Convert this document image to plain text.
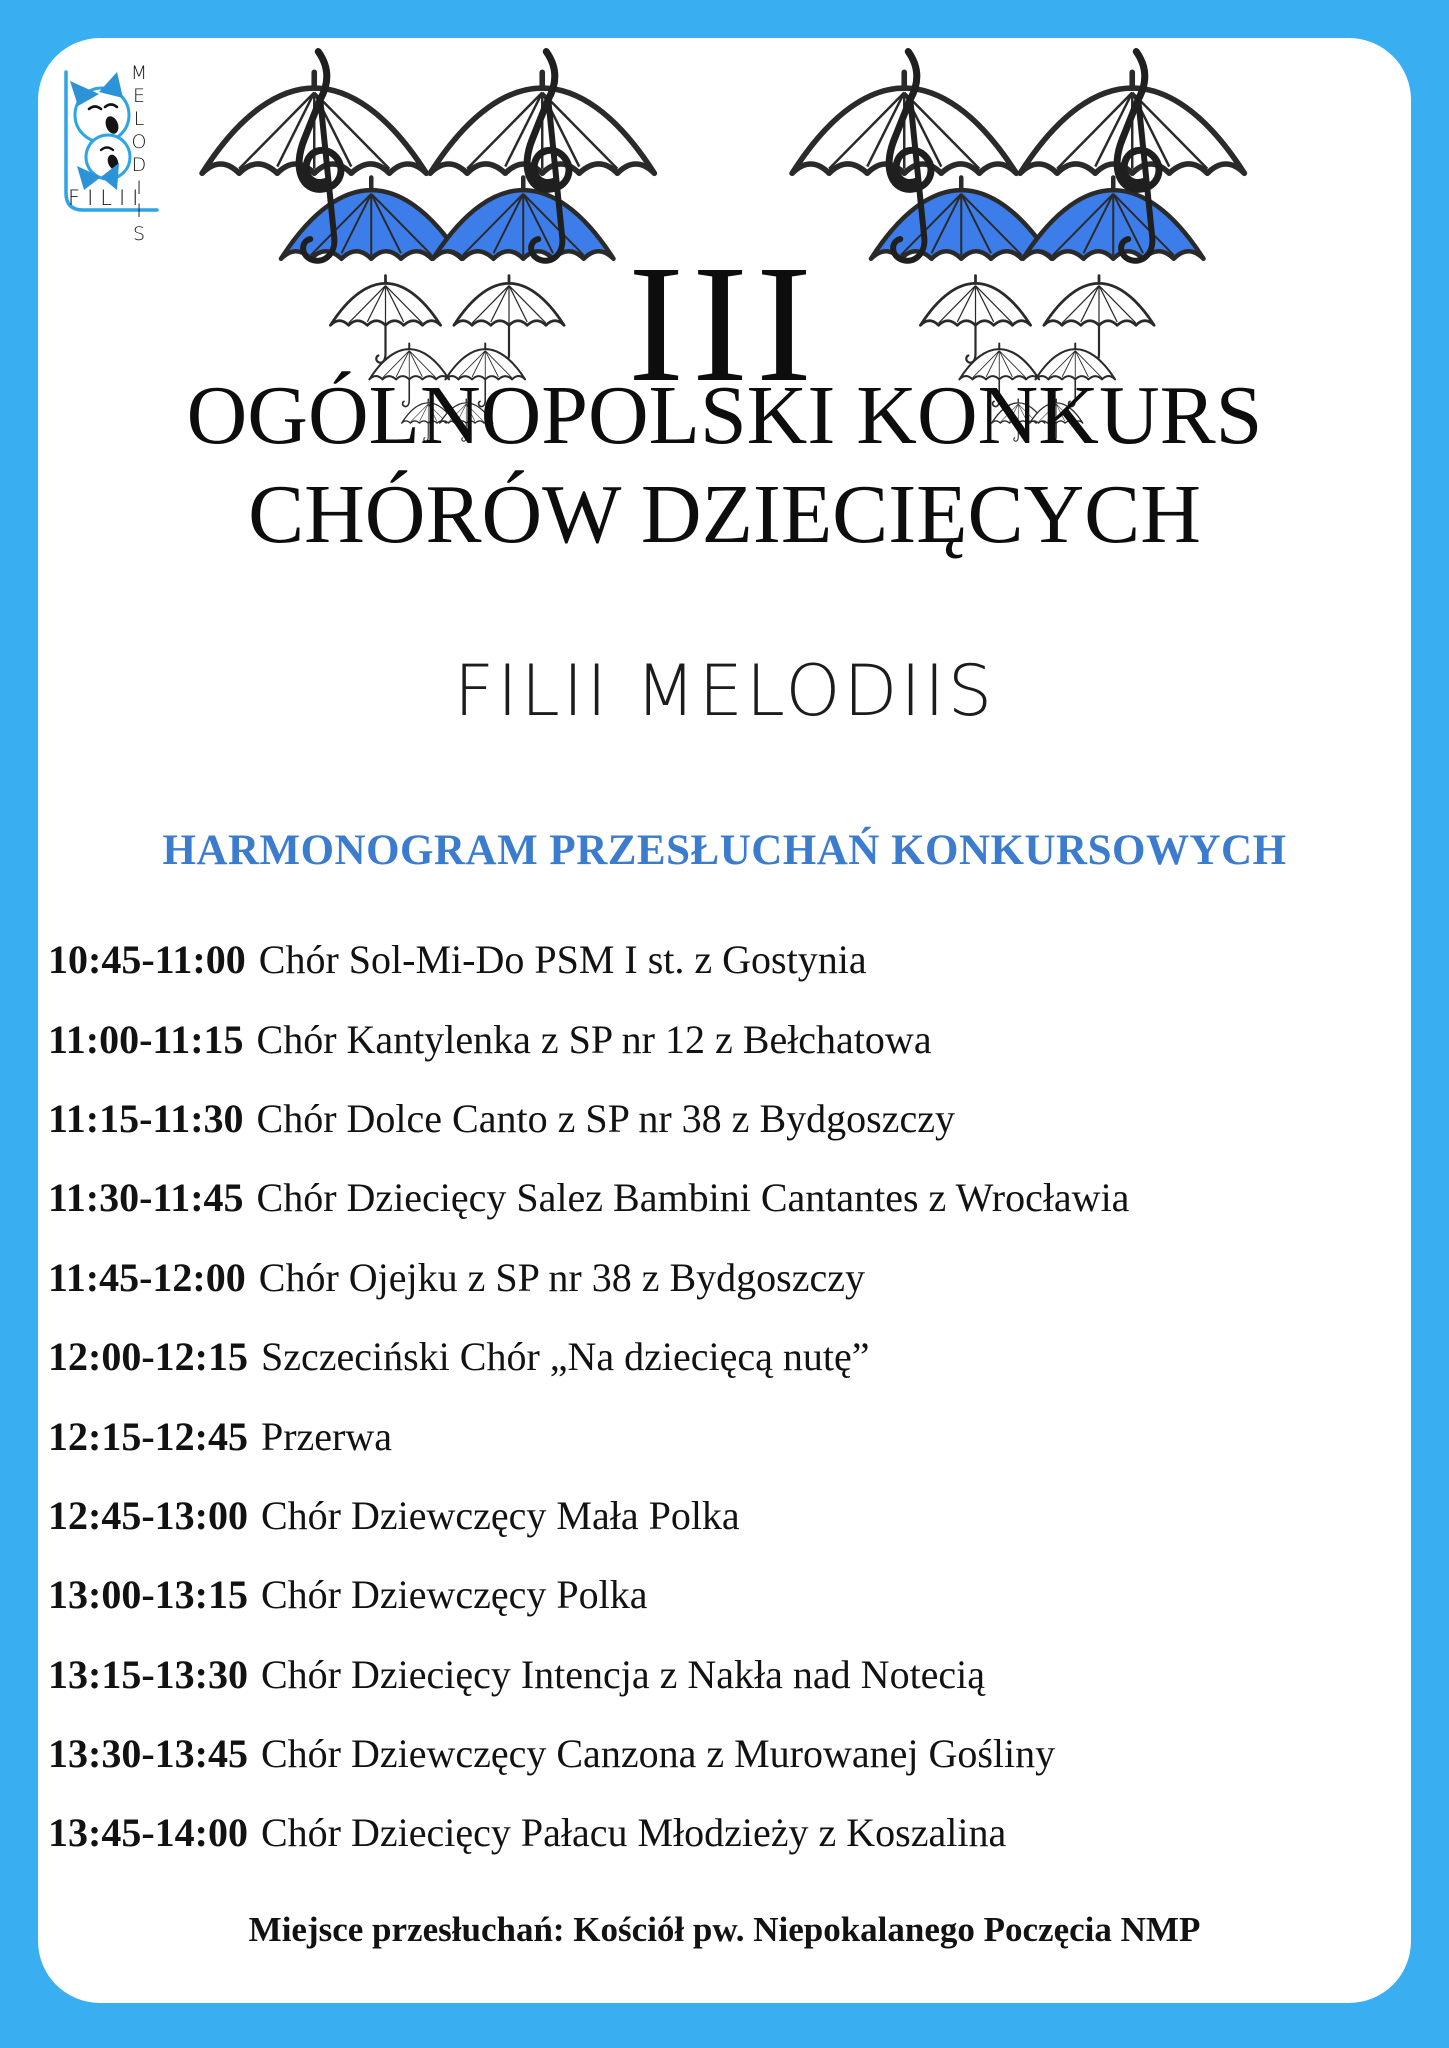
FILII
MELODIIS
III
OGÓLNOPOLSKI KONKURS
CHÓRÓW DZIECIĘCYCH
FILII MELODIIS
HARMONOGRAM PRZESŁUCHAŃ KONKURSOWYCH
10:45-11:00 Chór Sol-Mi-Do PSM I st. z Gostynia
11:00-11:15 Chór Kantylenka z SP nr 12 z Bełchatowa
11:15-11:30 Chór Dolce Canto z SP nr 38 z Bydgoszczy
11:30-11:45 Chór Dziecięcy Salez Bambini Cantantes z Wrocławia
11:45-12:00 Chór Ojejku z SP nr 38 z Bydgoszczy
12:00-12:15 Szczeciński Chór „Na dziecięcą nutę”
12:15-12:45 Przerwa
12:45-13:00 Chór Dziewczęcy Mała Polka
13:00-13:15 Chór Dziewczęcy Polka
13:15-13:30 Chór Dziecięcy Intencja z Nakła nad Notecią
13:30-13:45 Chór Dziewczęcy Canzona z Murowanej Gośliny
13:45-14:00 Chór Dziecięcy Pałacu Młodzieży z Koszalina
Miejsce przesłuchań: Kościół pw. Niepokalanego Poczęcia NMP
